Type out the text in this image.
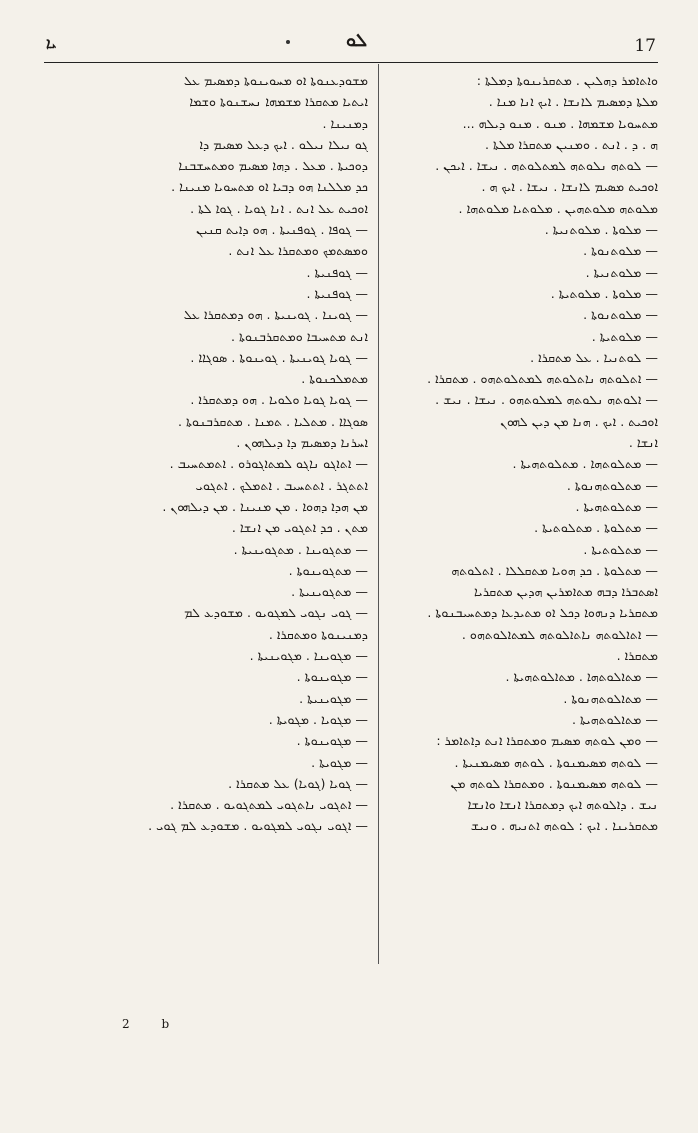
ܝܐ	ܠܘ	17
ܡܫܘܕܥܢܘܬܐ ܐܘ ܡܚܘܝܢܘܬܐ ܕܡܣܝܡ ܥܠ
ܐܝܬܝܐ ܡܬܩܪܐ ܡܫܡܗܐ ܢܚܫܢܘܬܐ ܘܫܡܐ
ܕܡܢܝܢܐ .
ܓܘ ܢܝܠܐ ܢܝܠܘ . ܐܝܟ ܕܥܠ ܡܣܝܡ ܕܐ
ܕܘܟܝܬܐ . ܡܥܠ . ܕܗܐ ܡܣܝܡ ܘܡܬܚܫܒܢܐ
ܟܕ ܡܠܠܢܐ ܗܘ ܕܒܝܐ ܐܘ ܡܬܚܘܝܐ ܡܢܝܢܐ .
ܐܘܟܝܬ ܥܠ ܐܢܬ . ܐܢܐ ܓܘܝܐ . ܓܘܐ ܠܬܐ .
— ܓܘܦܐ . ܓܘܦܢܝܬܐ . ܗܘ ܕܐܝܬ ܩܢܝܢ
ܘܡܣܬܡܟ ܘܡܬܩܪܐ ܥܠ ܐܢܬ .
— ܓܘܦܢܝܬܐ .
— ܓܘܦܢܝܬܐ .
— ܓܘܝܢܐ . ܓܘܝܢܝܬܐ . ܗܘ ܕܡܬܩܪܐ ܥܠ
ܐܢܬ ܡܬܚܝܒܐ ܘܡܬܩܪܒܢܘܬܐ .
— ܓܘܝܐ ܓܘܝܢܝܬܐ . ܓܘܝܢܘܬܐ . ܣܘܓܐܐ .
ܡܬܡܠܟܢܘܬܐ .
— ܓܘܝܐ ܓܘܝܐ ܘܠܘܝܐ . ܗܘ ܕܡܬܩܪܐ .
ܣܘܓܐܐ . ܡܬܠܝܐ . ܬܡܢܐ . ܡܬܩܪܒܢܘܬܐ .
ܐܚܪܢܐ ܕܡܣܝܡ ܕܐ ܕܝܠܗܘܢ .
— ܐܬܐܓܘ ܢܐܓܘ ܠܡܬܐܓܘܪܘ . ܐܬܡܬܚܝܒ .
ܐܬܬܓܪ . ܐܬܬܚܝܒ . ܐܬܡܠܟ . ܐܬܓܘܝ
ܡܢ ܗܕܐ ܕܗܘܐ . ܡܢ ܡܢܝܢܐ . ܡܢ ܕܝܠܗܘܢ .
ܡܬܢ . ܟܕ ܐܬܓܘܝ ܡܢ ܐܢܫܐ .
— ܡܬܓܘܝܢܐ . ܡܬܓܘܝܢܝܬܐ .
— ܡܬܓܘܝܢܘܬܐ .
— ܡܬܓܘܝܢܝܬܐ .
— ܓܘܝ ܢܓܘܝ ܠܡܓܘܝܘ . ܡܫܘܕܥ ܠܡ
ܕܡܢܝܢܘܬܐ ܘܡܬܩܪܐ .
— ܡܓܘܝܢܐ . ܡܓܘܝܢܝܬܐ .
— ܡܓܘܝܢܘܬܐ .
— ܡܓܘܝܢܝܬܐ .
— ܡܓܘܝܐ . ܡܓܘܝܬܐ .
— ܡܓܘܝܢܘܬܐ .
— ܡܓܘܝܬܐ .
— ܓܘܝܐ (ܓܘܝܐ) ܥܠ ܡܬܩܪܐ .
— ܐܬܓܘܝ ܢܐܬܓܘܝ ܠܡܬܓܘܝܘ . ܡܬܩܪܐ .
— ܐܓܘܝ ܢܓܘܝ ܠܡܓܘܝܘ . ܡܫܘܕܥ ܠܡ ܓܘܝ .
ܘܐܬܐܡܪ ܕܗܠܝܢ . ܡܬܩܪܝܢܘܬܐ ܕܡܠܬܐ :
ܡܠܬܐ ܕܡܣܝܡ ܠܐܢܫܐ . ܐܝܟ ܐܢܐ ܡܢܐ .
ܡܬܚܘܝܐ ܡܫܡܗܐ . ܡܢܘ . ܡܢܘ ܕܝܠܗ ...
ܗ . ܕ . ܐܢܬ . ܘܡܢܝܢ ܡܬܩܪܐ ܡܠܬܐ .
— ܠܘܬܗ ܢܠܘܬܗ ܠܡܬܠܘܬܗ . ܢܝܫܐ . ܐܝܟܢ .
ܐܘܟܝܬ ܡܣܝܡ ܠܐܢܫܐ . ܢܝܫܐ . ܐܝܟ ܗ .
ܡܠܘܬܗ ܡܠܘܬܗܝܢ . ܡܠܘܬܝܐ ܡܠܘܬܗܐ .
— ܡܠܘܬܐ . ܡܠܘܬܢܝܬܐ .
— ܡܠܘܬܢܘܬܐ .
— ܡܠܘܬܢܝܬܐ .
— ܡܠܘܬܐ . ܡܠܘܬܝܬܐ .
— ܡܠܘܬܢܘܬܐ .
— ܡܠܘܬܝܬܐ .
— ܠܘܬܢܝܐ . ܥܠ ܡܬܩܪܐ .
— ܐܬܠܘܬܗ ܢܐܬܠܘܬܗ ܠܡܬܠܘܬܗܘ . ܡܬܩܪܐ .
— ܐܠܘܬܗ ܢܠܘܬܗ ܠܡܠܘܬܗܘ . ܢܝܫܐ . ܢܝܫ .
ܐܘܟܝܬ . ܐܝܟ . ܗܢܐ ܡܢ ܕܝܢ ܠܗܘܢ
ܐܢܫܐ .
— ܡܬܠܘܬܗܐ . ܡܬܠܘܬܗܝܬܐ .
— ܡܬܠܘܬܗܢܘܬܐ .
— ܡܬܠܘܬܗܝܬܐ .
— ܡܬܠܘܬܐ . ܡܬܠܘܬܝܬܐ .
— ܡܬܠܘܬܝܬܐ .
— ܡܬܠܘܬܐ . ܟܕ ܗܘܝܐ ܡܬܩܠܠܐ . ܐܬܠܘܬܗ
ܐܣܬܒܪܐ ܕܒܗ ܡܬܐܡܪܝܢ ܗܕܝܢ ܡܬܩܪܝܐ
ܡܬܩܪܝܐ ܕܢܗܘܐ ܕܟܠ ܐܘ ܡܬܝܕܥܐ ܕܡܬܚܝܒܢܘܬܐ .
— ܐܬܐܠܘܬܗ ܢܐܬܐܠܘܬܗ ܠܡܬܐܠܘܬܗܘ .
ܡܬܩܪܐ .
— ܡܬܐܠܘܬܗܐ . ܡܬܐܠܘܬܗܝܬܐ .
— ܡܬܐܠܘܬܗܢܘܬܐ .
— ܡܬܐܠܘܬܗܝܬܐ .
— ܘܡܢ ܠܘܬܗ ܡܣܝܡ ܘܡܬܩܪܐ ܐܢܬ ܕܐܬܐܡܪ :
— ܠܘܬܗ ܡܣܝܡܢܘܬܐ . ܠܘܬܗ ܡܣܝܡܢܝܬܐ .
— ܠܘܬܗ ܡܣܝܡܢܘܬܐ . ܘܡܬܩܪܐ ܠܘܬܗ ܡܢ
ܢܝܫ . ܕܐܠܘܬܗ ܐܝܟ ܕܡܬܩܪܐ ܐܢܫܐ ܘܐܢܫܐ
ܡܬܩܪܝܢܐ . ܐܝܟ : ܠܘܬܗ ܐܬܢܝܗ . ܘܢܝܫ
2	b
